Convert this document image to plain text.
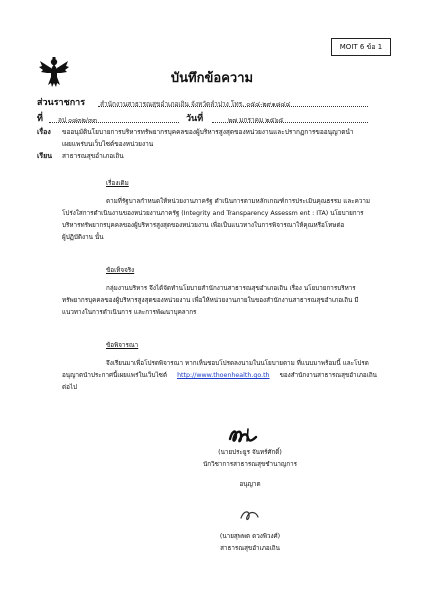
MOIT 6 ข้อ 1
บันทึกข้อความ
ส่วนราชการ สำนักงานสาธารณสุขอำเภอเถิน จังหวัดลำปาง โทร. ๐๕๔-๒๙๑๘๔๔
ที่ ลป ๐๘๓๒/๓๓	วันที่	๒๗ มกราคม ๒๕๖๕
เรื่อง ขออนุมัตินโยบายการบริหารทรัพยากรบุคคลของผู้บริหารสูงสุดของหน่วยงานและปรากฏการขออนุญาตนำ
เผยแพร่บนเว็บไซต์ของหน่วยงาน
เรียน สาธารณสุขอำเภอเถิน
เรื่องเดิม
ตามที่รัฐบาลกำหนดให้หน่วยงานภาครัฐ ดำเนินการตามหลักเกณฑ์การประเมินคุณธรรม และความ
โปร่งใสการดำเนินงานของหน่วยงานภาครัฐ (Integrity and Transparency Assessm ent : ITA) นโยบายการ
บริหารทรัพยากรบุคคลของผู้บริหารสูงสุดของหน่วยงาน เพื่อเป็นแนวทางในการพิจารณาให้คุณหรือโทษต่อ
ผู้ปฏิบัติงาน นั้น
ข้อเท็จจริง
กลุ่มงานบริหาร จึงได้จัดทำนโยบายสำนักงานสาธารณสุขอำเภอเถิน เรื่อง นโยบายการบริหาร
ทรัพยากรบุคคลของผู้บริหารสูงสุดของหน่วยงาน เพื่อให้หน่วยงานภายในของสำนักงานสาธารณสุขอำเภอเถิน มี
แนวทางในการดำเนินการ และการพัฒนาบุคลากร
ข้อพิจารณา
จึงเรียนมาเพื่อโปรดพิจารณา หากเห็นชอบโปรดลงนามในนโยบายตาม ที่แนบมาพร้อมนี้ และโปรด
อนุญาตนำประกาศนี้เผยแพร่ในเว็บไซต์ http://www.thoenhealth.go.th ของสำนักงานสาธารณสุขอำเภอเถิน
ต่อไป
(นายประยูร จันทร์ศักดิ์)
นักวิชาการสาธารณสุขชำนาญการ
อนุญาต
(นายสุพพต ดวงพิวงศ์)
สาธารณสุขอำเภอเถิน
